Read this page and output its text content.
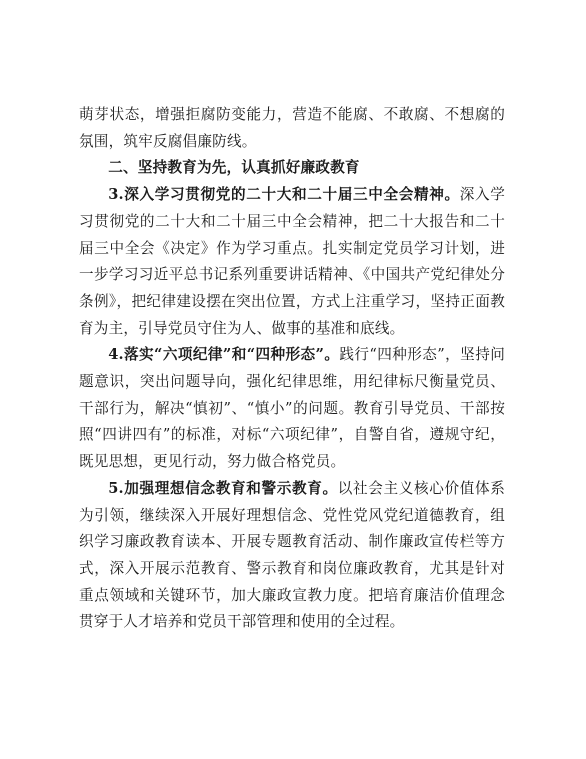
萌芽状态，增强拒腐防变能力，营造不能腐、不敢腐、不想腐的氛围，筑牢反腐倡廉防线。

二、坚持教育为先，认真抓好廉政教育

3.深入学习贯彻党的二十大和二十届三中全会精神。深入学习贯彻党的二十大和二十届三中全会精神，把二十大报告和二十届三中全会《决定》作为学习重点。扎实制定党员学习计划，进一步学习习近平总书记系列重要讲话精神、《中国共产党纪律处分条例》，把纪律建设摆在突出位置，方式上注重学习，坚持正面教育为主，引导党员守住为人、做事的基准和底线。

4.落实“六项纪律”和“四种形态”。践行“四种形态”，坚持问题意识，突出问题导向，强化纪律思维，用纪律标尺衡量党员、干部行为，解决“慎初”、“慎小”的问题。教育引导党员、干部按照“四讲四有”的标准，对标“六项纪律”，自警自省，遵规守纪，既见思想，更见行动，努力做合格党员。

5.加强理想信念教育和警示教育。以社会主义核心价值体系为引领，继续深入开展好理想信念、党性党风党纪道德教育，组织学习廉政教育读本、开展专题教育活动、制作廉政宣传栏等方式，深入开展示范教育、警示教育和岗位廉政教育，尤其是针对重点领域和关键环节，加大廉政宣教力度。把培育廉洁价值理念贯穿于人才培养和党员干部管理和使用的全过程。
